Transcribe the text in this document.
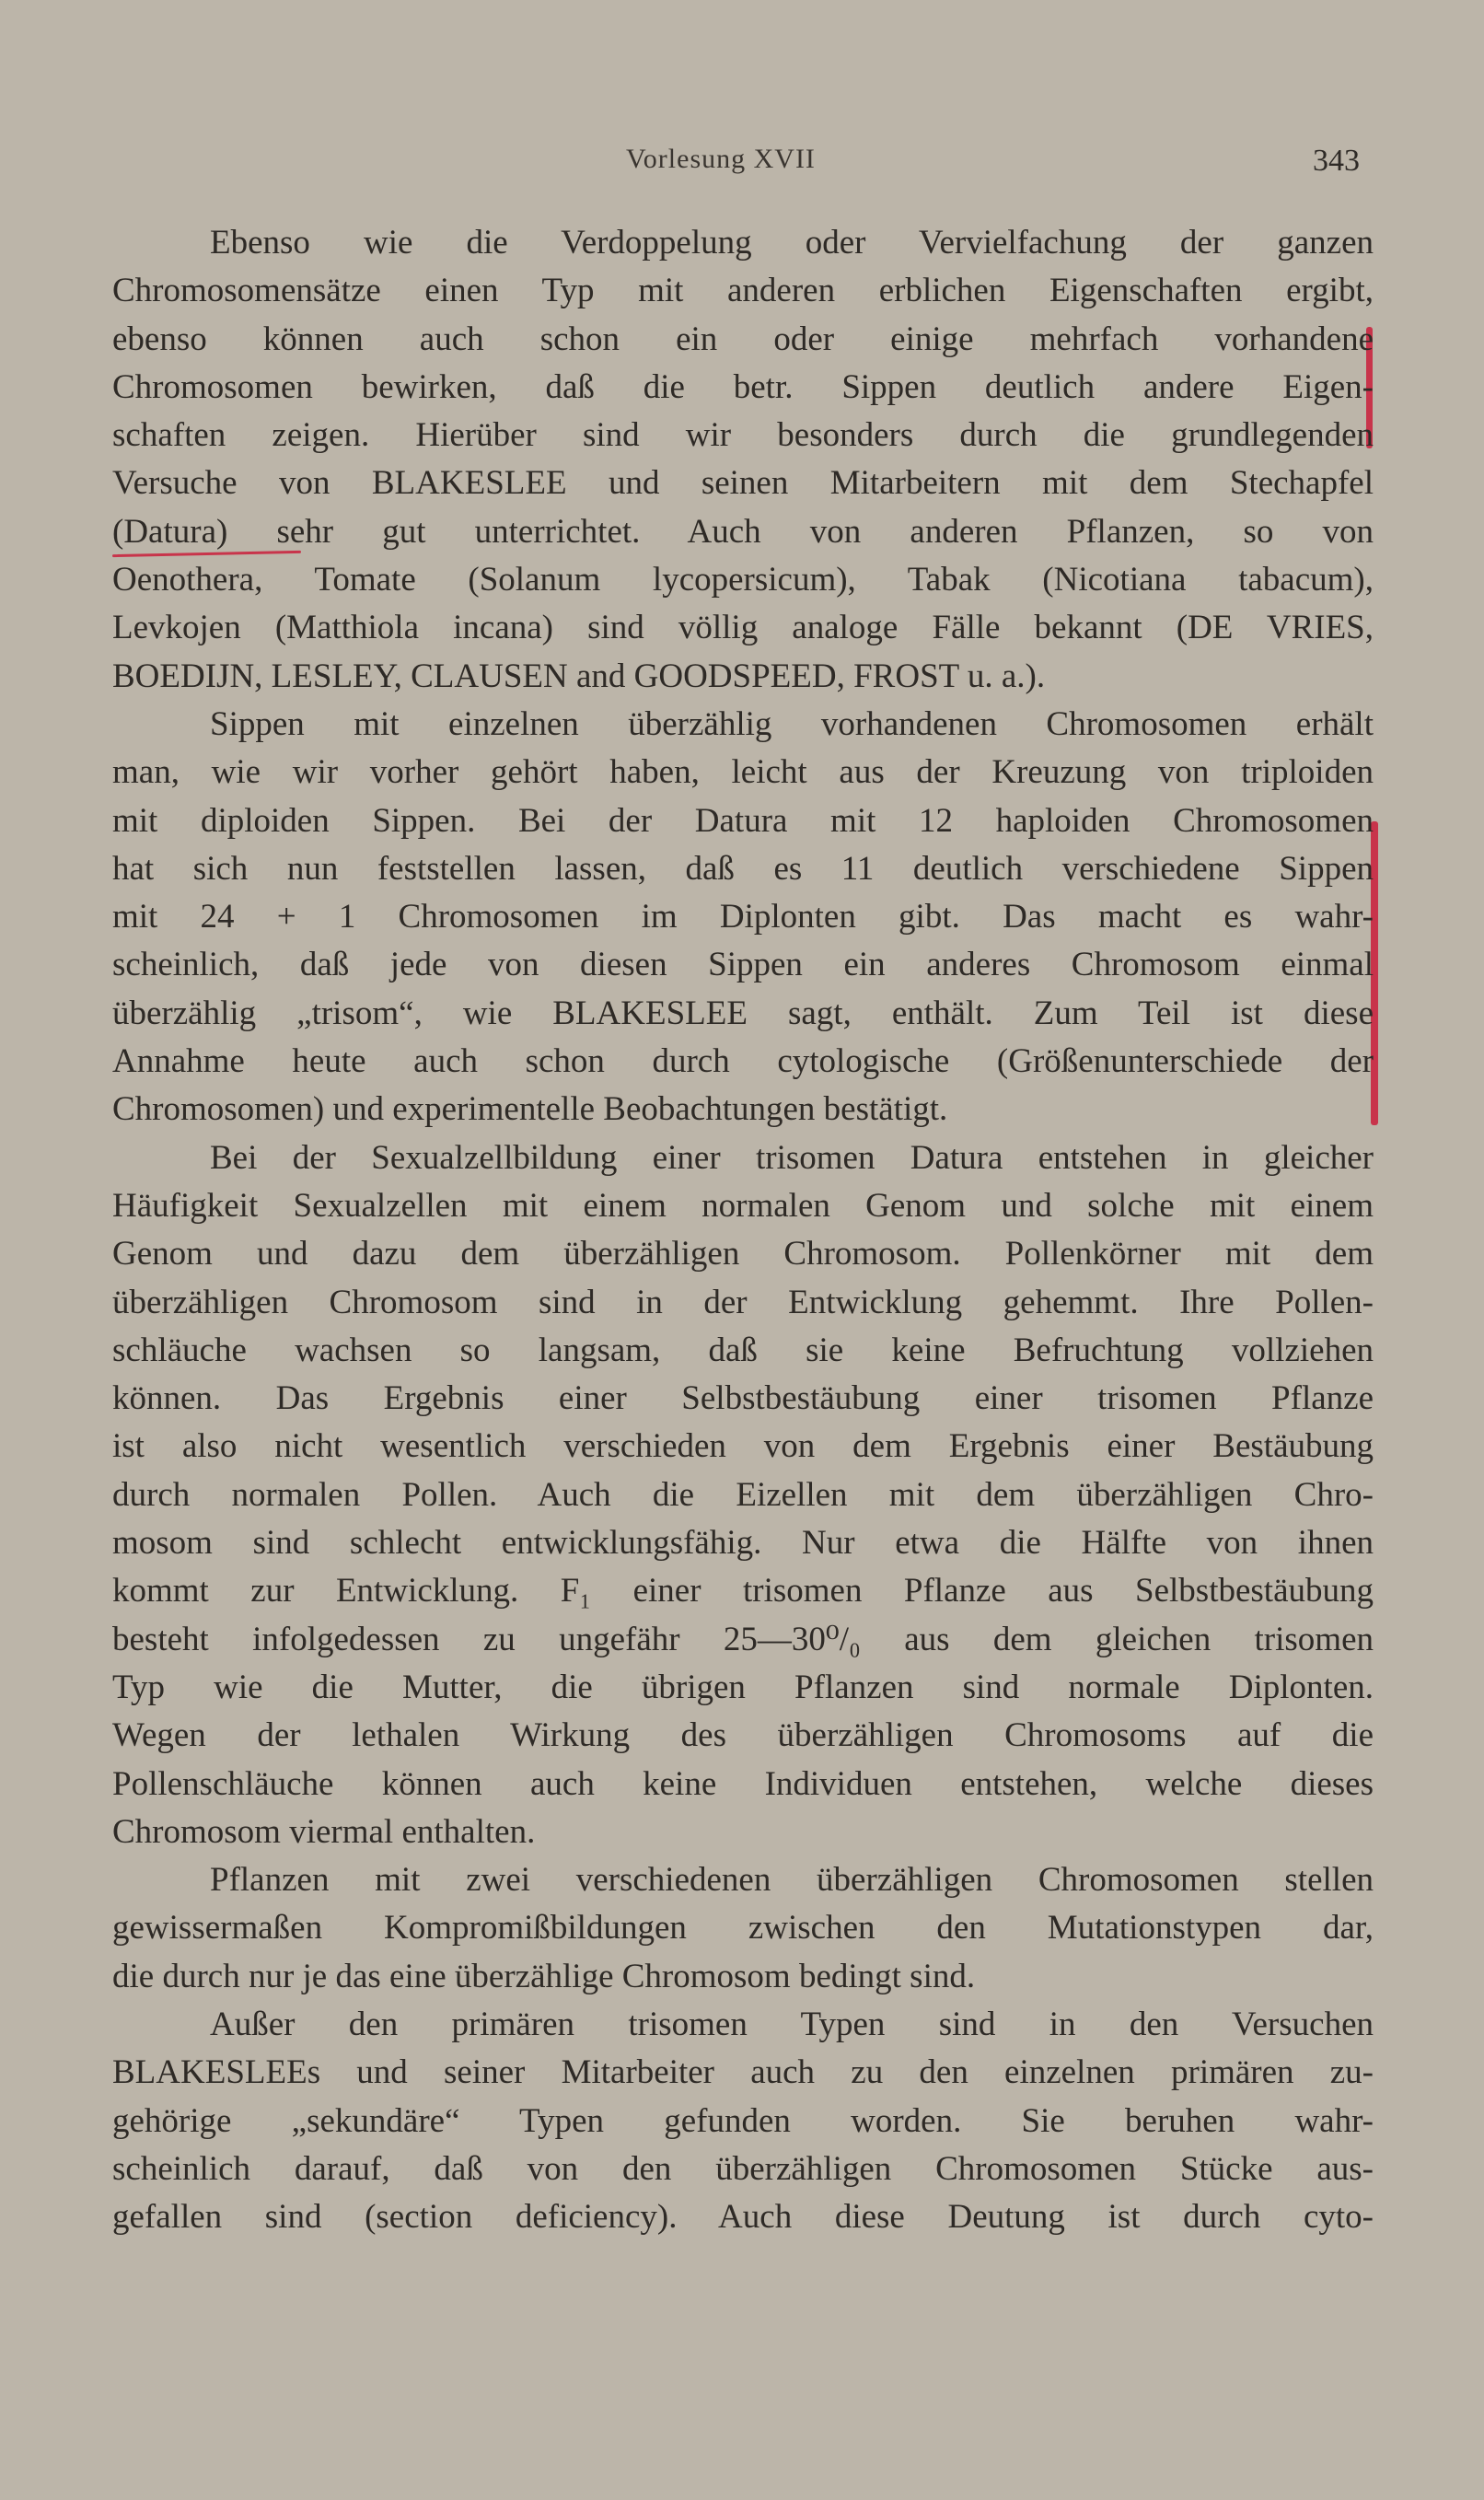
Vorlesung XVII	343
Ebenso wie die Verdoppelung oder Vervielfachung der ganzen
Chromosomensätze einen Typ mit anderen erblichen Eigenschaften ergibt,
ebenso können auch schon ein oder einige mehrfach vorhandene
Chromosomen bewirken, daß die betr. Sippen deutlich andere Eigen-
schaften zeigen. Hierüber sind wir besonders durch die grundlegenden
Versuche von BLAKESLEE und seinen Mitarbeitern mit dem Stechapfel
(Datura) sehr gut unterrichtet. Auch von anderen Pflanzen, so von
Oenothera, Tomate (Solanum lycopersicum), Tabak (Nicotiana tabacum),
Levkojen (Matthiola incana) sind völlig analoge Fälle bekannt (DE VRIES,
BOEDIJN, LESLEY, CLAUSEN and GOODSPEED, FROST u. a.).
Sippen mit einzelnen überzählig vorhandenen Chromosomen erhält
man, wie wir vorher gehört haben, leicht aus der Kreuzung von triploiden
mit diploiden Sippen. Bei der Datura mit 12 haploiden Chromosomen
hat sich nun feststellen lassen, daß es 11 deutlich verschiedene Sippen
mit 24 + 1 Chromosomen im Diplonten gibt. Das macht es wahr-
scheinlich, daß jede von diesen Sippen ein anderes Chromosom einmal
überzählig „trisom“, wie BLAKESLEE sagt, enthält. Zum Teil ist diese
Annahme heute auch schon durch cytologische (Größenunterschiede der
Chromosomen) und experimentelle Beobachtungen bestätigt.
Bei der Sexualzellbildung einer trisomen Datura entstehen in gleicher
Häufigkeit Sexualzellen mit einem normalen Genom und solche mit einem
Genom und dazu dem überzähligen Chromosom. Pollenkörner mit dem
überzähligen Chromosom sind in der Entwicklung gehemmt. Ihre Pollen-
schläuche wachsen so langsam, daß sie keine Befruchtung vollziehen
können. Das Ergebnis einer Selbstbestäubung einer trisomen Pflanze
ist also nicht wesentlich verschieden von dem Ergebnis einer Bestäubung
durch normalen Pollen. Auch die Eizellen mit dem überzähligen Chro-
mosom sind schlecht entwicklungsfähig. Nur etwa die Hälfte von ihnen
kommt zur Entwicklung. F₁ einer trisomen Pflanze aus Selbstbestäubung
besteht infolgedessen zu ungefähr 25—30⁰/₀ aus dem gleichen trisomen
Typ wie die Mutter, die übrigen Pflanzen sind normale Diplonten.
Wegen der lethalen Wirkung des überzähligen Chromosoms auf die
Pollenschläuche können auch keine Individuen entstehen, welche dieses
Chromosom viermal enthalten.
Pflanzen mit zwei verschiedenen überzähligen Chromosomen stellen
gewissermaßen Kompromißbildungen zwischen den Mutationstypen dar,
die durch nur je das eine überzählige Chromosom bedingt sind.
Außer den primären trisomen Typen sind in den Versuchen
BLAKESLEEs und seiner Mitarbeiter auch zu den einzelnen primären zu-
gehörige „sekundäre“ Typen gefunden worden. Sie beruhen wahr-
scheinlich darauf, daß von den überzähligen Chromosomen Stücke aus-
gefallen sind (section deficiency). Auch diese Deutung ist durch cyto-
